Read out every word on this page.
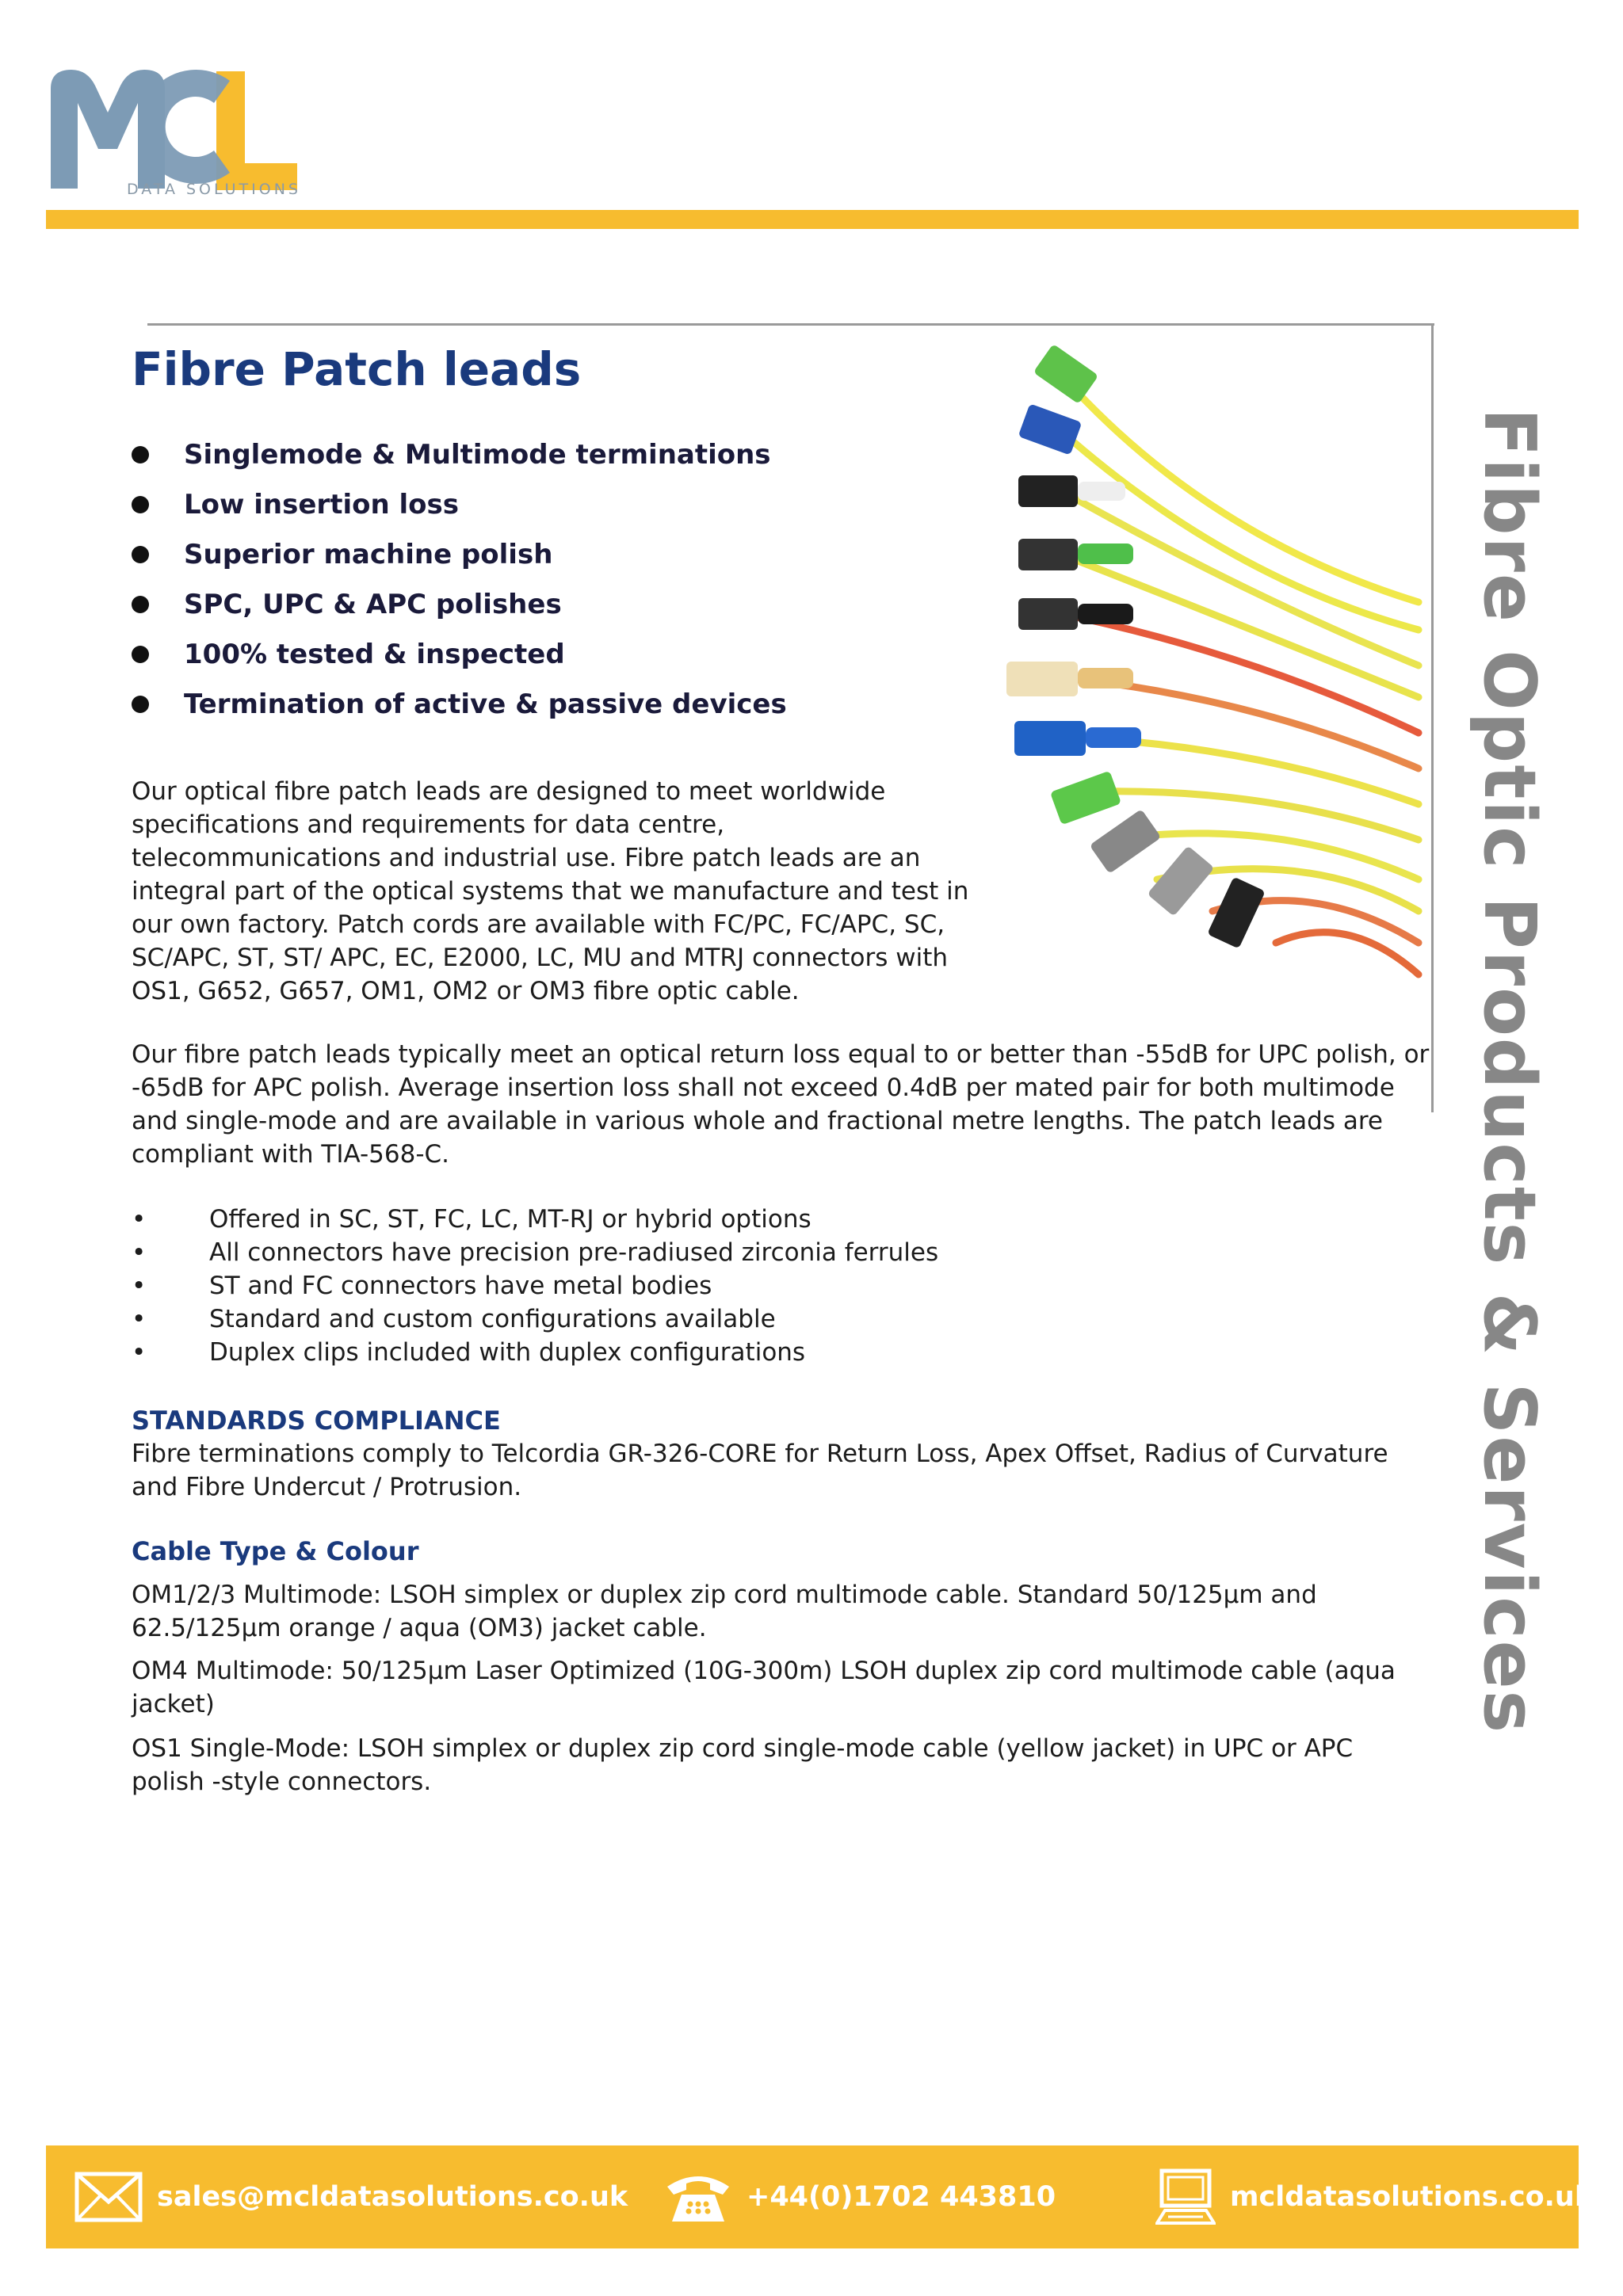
DATA SOLUTIONS
Fibre Optic Products & Services
Fibre Patch leads
Singlemode & Multimode terminations
Low insertion loss
Superior machine polish
SPC, UPC & APC polishes
100% tested & inspected
Termination of active & passive devices
Our optical fibre patch leads are designed to meet worldwide specifications and requirements for data centre, telecommunications and industrial use. Fibre patch leads are an integral part of the optical systems that we manufacture and test in our own factory. Patch cords are available with FC/PC, FC/APC, SC, SC/APC, ST, ST/ APC, EC, E2000, LC, MU and MTRJ connectors with OS1, G652, G657, OM1, OM2 or OM3 fibre optic cable.
Our fibre patch leads typically meet an optical return loss equal to or better than -55dB for UPC polish, or -65dB for APC polish. Average insertion loss shall not exceed 0.4dB per mated pair for both multimode and single-mode and are available in various whole and fractional metre lengths. The patch leads are compliant with TIA-568-C.
•	Offered in SC, ST, FC, LC, MT-RJ or hybrid options
•	All connectors have precision pre-radiused zirconia ferrules
•	ST and FC connectors have metal bodies
•	Standard and custom configurations available
•	Duplex clips included with duplex configurations
STANDARDS COMPLIANCE
Fibre terminations comply to Telcordia GR-326-CORE for Return Loss, Apex Offset, Radius of Curvature and Fibre Undercut / Protrusion.
Cable Type & Colour
OM1/2/3 Multimode: LSOH simplex or duplex zip cord multimode cable. Standard 50/125µm and 62.5/125µm orange / aqua (OM3) jacket cable.
OM4 Multimode: 50/125µm Laser Optimized (10G-300m) LSOH duplex zip cord multimode cable (aqua jacket)
OS1 Single-Mode: LSOH simplex or duplex zip cord single-mode cable (yellow jacket) in UPC or APC polish -style connectors.
sales@mcldatasolutions.co.uk	+44(0)1702 443810	mcldatasolutions.co.uk
